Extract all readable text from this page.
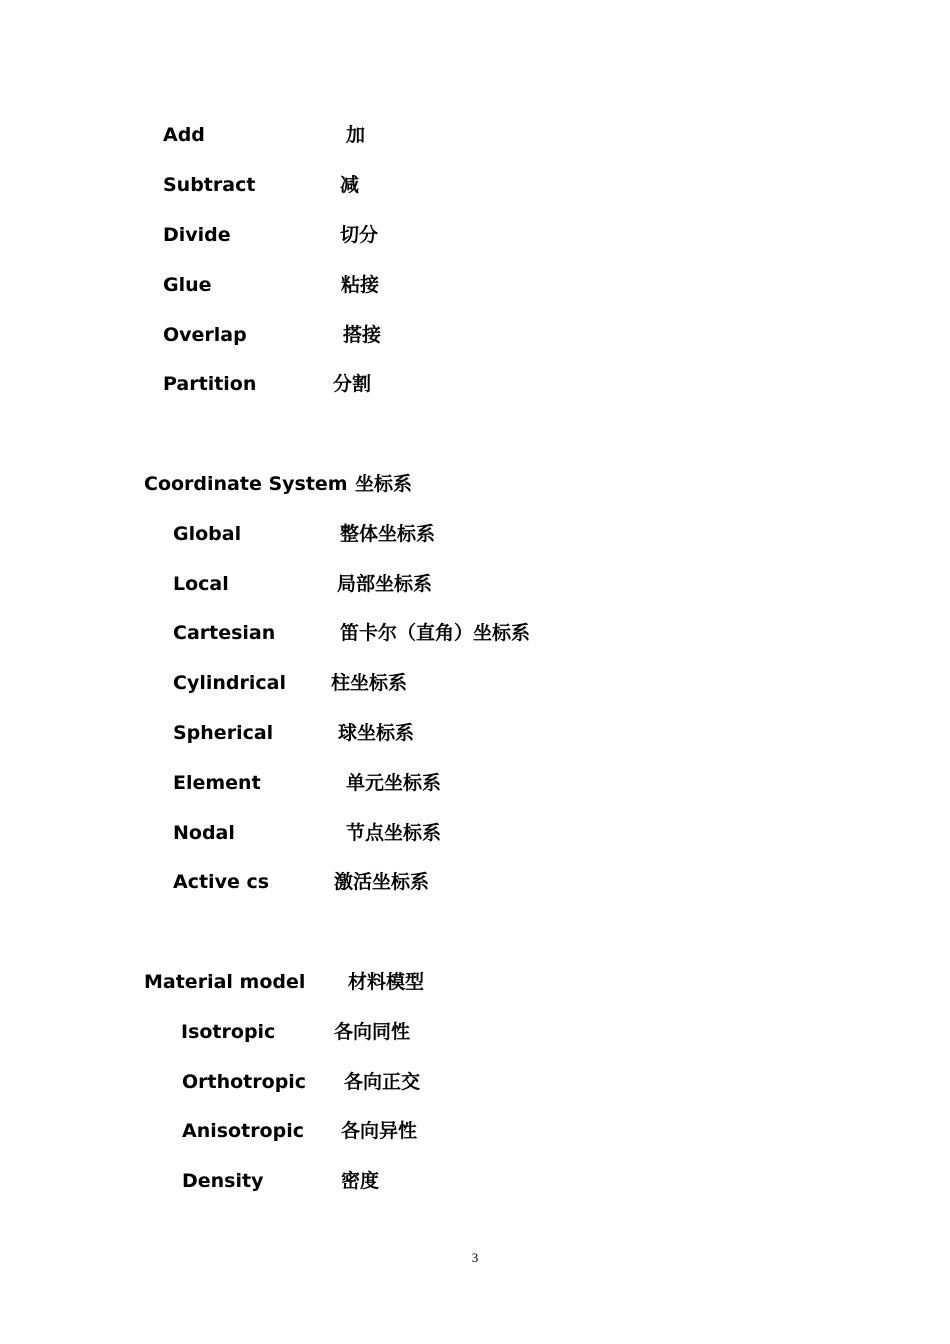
Add	加
Subtract	减
Divide	切分
Glue	粘接
Overlap	搭接
Partition	分割
Coordinate System 坐标系
Global	整体坐标系
Local	局部坐标系
Cartesian	笛卡尔（直角）坐标系
Cylindrical 柱坐标系
Spherical	球坐标系
Element	单元坐标系
Nodal	节点坐标系
Active cs	激活坐标系
Material model 材料模型
Isotropic	各向同性
Orthotropic 各向正交
Anisotropic 各向异性
Density	密度
3
